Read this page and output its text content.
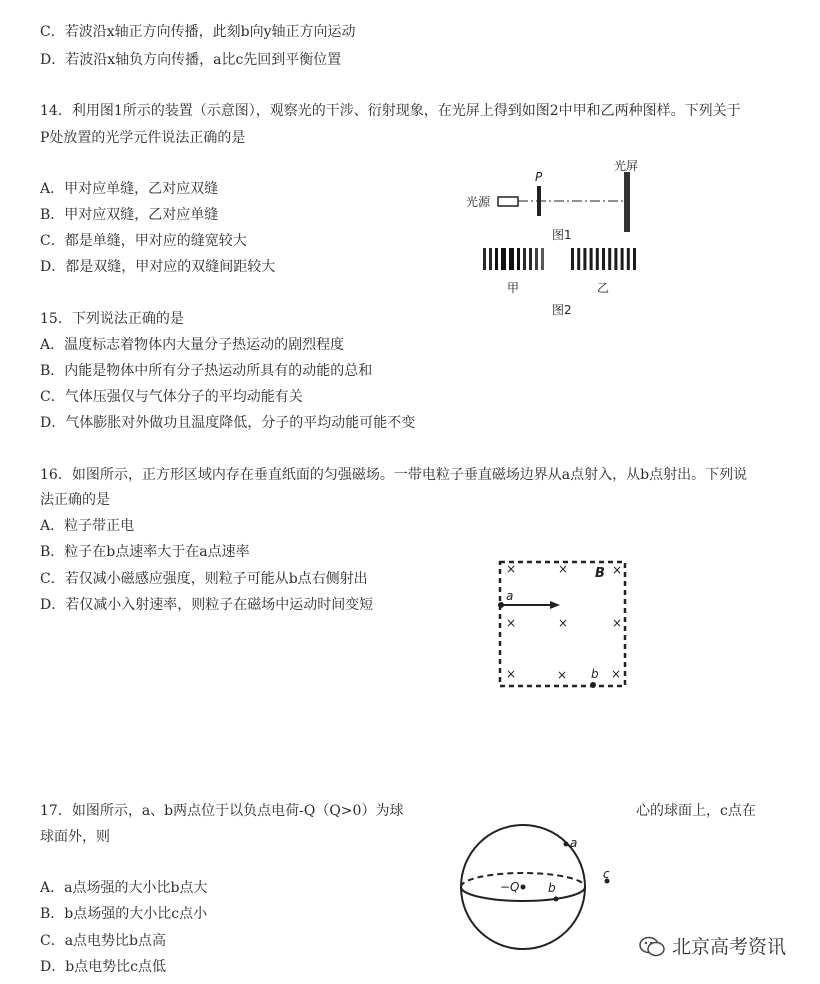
C．若波沿x轴正方向传播，此刻b向y轴正方向运动
D．若波沿x轴负方向传播，a比c先回到平衡位置
14．利用图1所示的装置（示意图），观察光的干涉、衍射现象，在光屏上得到如图2中甲和乙两种图样。下列关于
P处放置的光学元件说法正确的是
A．甲对应单缝，乙对应双缝
B．甲对应双缝，乙对应单缝
C．都是单缝，甲对应的缝宽较大
D．都是双缝，甲对应的双缝间距较大
光源
P
光屏
图1
甲	乙
图2
15．下列说法正确的是
A．温度标志着物体内大量分子热运动的剧烈程度
B．内能是物体中所有分子热运动所具有的动能的总和
C．气体压强仅与气体分子的平均动能有关
D．气体膨胀对外做功且温度降低，分子的平均动能可能不变
16．如图所示，正方形区域内存在垂直纸面的匀强磁场。一带电粒子垂直磁场边界从a点射入，从b点射出。下列说
法正确的是
A．粒子带正电
B．粒子在b点速率大于在a点速率
C．若仅减小磁感应强度，则粒子可能从b点右侧射出
D．若仅减小入射速率，则粒子在磁场中运动时间变短
×	×	×
B
a
×	×	×
×	× b ×
17．如图所示，a、b两点位于以负点电荷-Q（Q>0）为球	心的球面上，c点在
球面外，则
A．a点场强的大小比b点大
B．b点场强的大小比c点小
C．a点电势比b点高
D．b点电势比c点低
a
−Q b
c
北京高考资讯
